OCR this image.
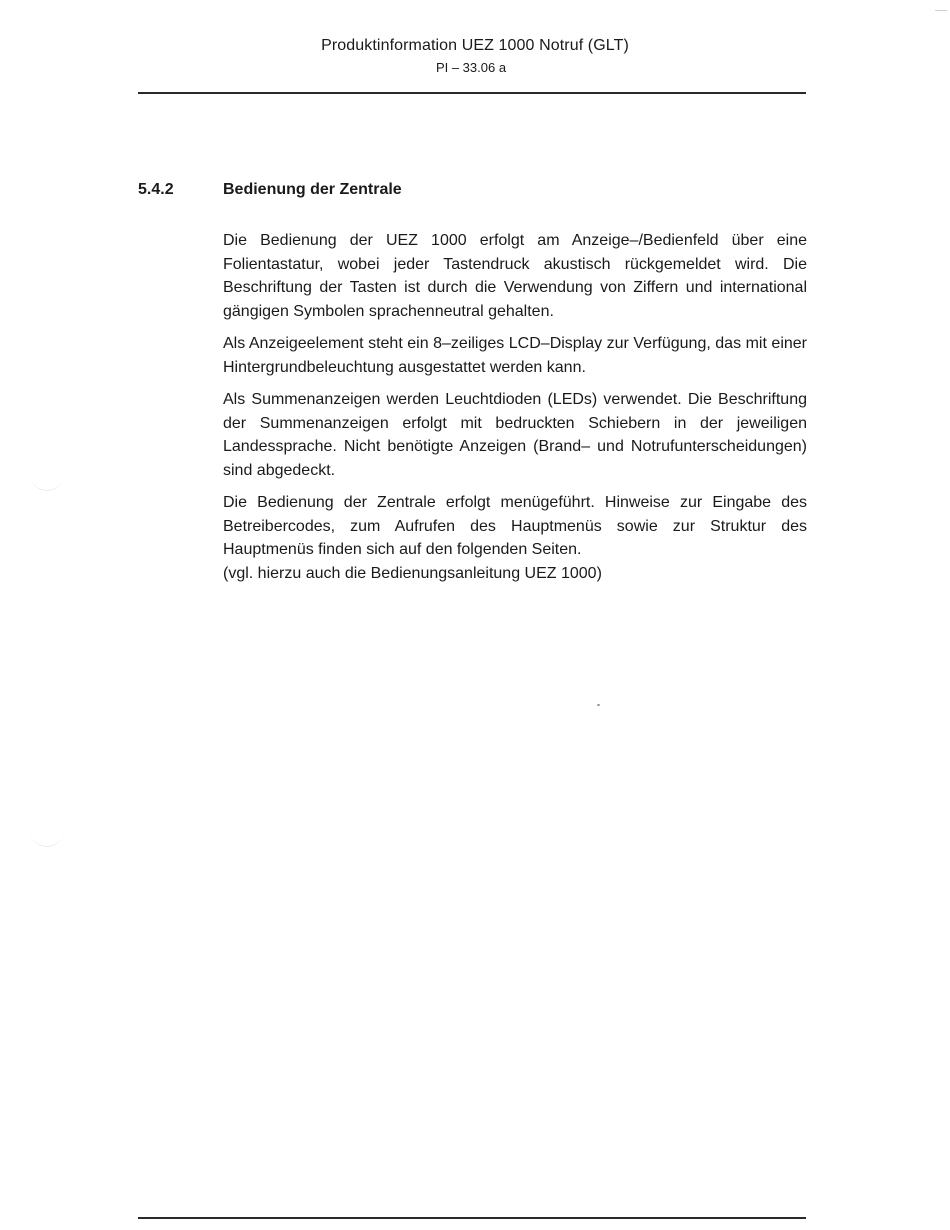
Produktinformation UEZ 1000 Notruf (GLT)
PI – 33.06 a
5.4.2	Bedienung der Zentrale

Die Bedienung der UEZ 1000 erfolgt am Anzeige–/Bedienfeld über eine Folientastatur, wobei jeder Tastendruck akustisch rückgemeldet wird. Die Beschriftung der Tasten ist durch die Verwendung von Ziffern und international gängigen Symbolen sprachenneutral gehalten.

Als Anzeigeelement steht ein 8–zeiliges LCD–Display zur Verfügung, das mit einer Hintergrundbeleuchtung ausgestattet werden kann.

Als Summenanzeigen werden Leuchtdioden (LEDs) verwendet. Die Beschriftung der Summenanzeigen erfolgt mit bedruckten Schiebern in der jeweiligen Landessprache. Nicht benötigte Anzeigen (Brand– und Notrufunterscheidungen) sind abgedeckt.

Die Bedienung der Zentrale erfolgt menügeführt. Hinweise zur Eingabe des Betreibercodes, zum Aufrufen des Hauptmenüs sowie zur Struktur des Hauptmenüs finden sich auf den folgenden Seiten.

(vgl. hierzu auch die Bedienungsanleitung UEZ 1000)
